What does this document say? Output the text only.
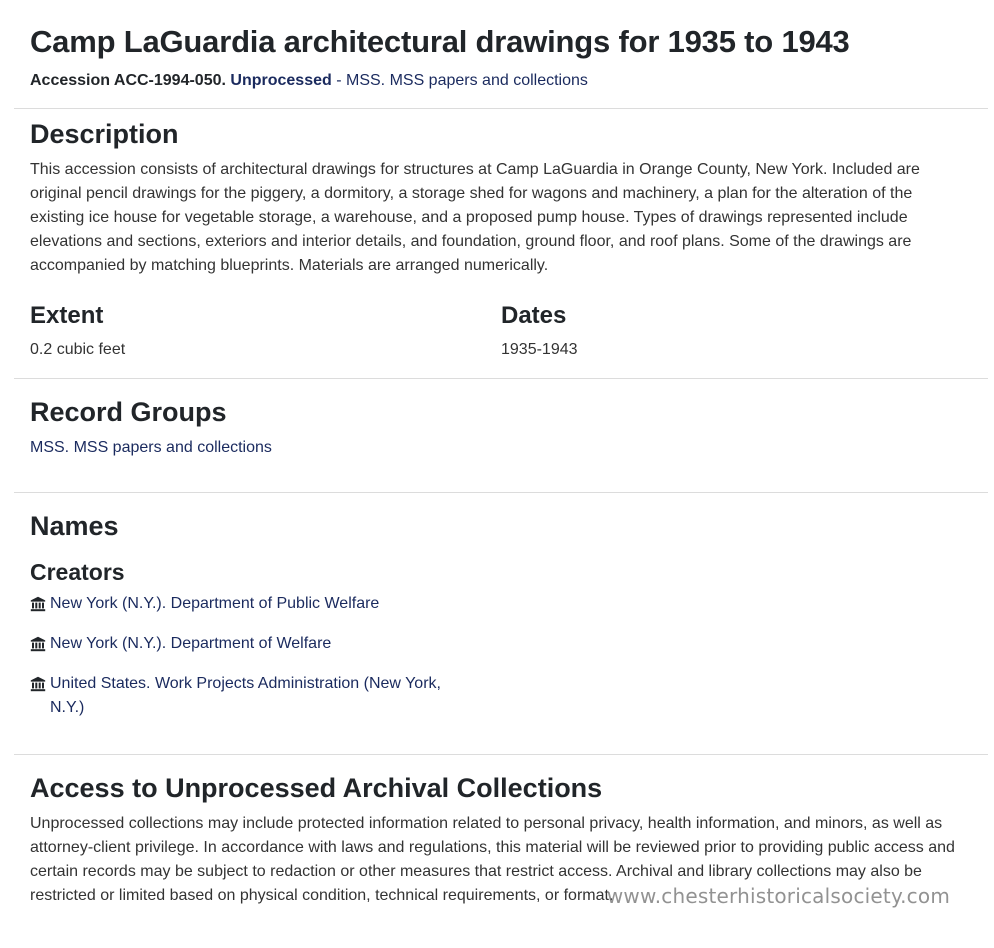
Camp LaGuardia architectural drawings for 1935 to 1943
Accession ACC-1994-050. Unprocessed - MSS. MSS papers and collections
Description

This accession consists of architectural drawings for structures at Camp LaGuardia in Orange County, New York. Included are original pencil drawings for the piggery, a dormitory, a storage shed for wagons and machinery, a plan for the alteration of the existing ice house for vegetable storage, a warehouse, and a proposed pump house. Types of drawings represented include elevations and sections, exteriors and interior details, and foundation, ground floor, and roof plans. Some of the drawings are accompanied by matching blueprints. Materials are arranged numerically.

Extent

0.2 cubic feet

Dates

1935-1943

Record Groups

MSS. MSS papers and collections

Names
Creators
New York (N.Y.). Department of Public Welfare
New York (N.Y.). Department of Welfare
United States. Work Projects Administration (New York, N.Y.)
Access to Unprocessed Archival Collections

Unprocessed collections may include protected information related to personal privacy, health information, and minors, as well as attorney-client privilege. In accordance with laws and regulations, this material will be reviewed prior to providing public access and certain records may be subject to redaction or other measures that restrict access. Archival and library collections may also be restricted or limited based on physical condition, technical requirements, or format.

www.chesterhistoricalsociety.com
